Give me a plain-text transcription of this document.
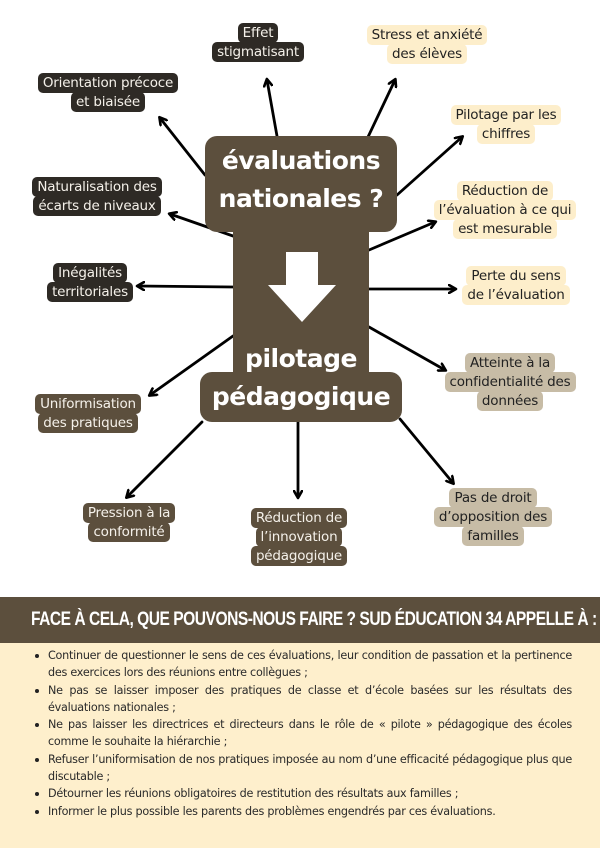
évaluations
nationales ?
pilotage
pédagogique
Effet
stigmatisant
Stress et anxiété
des élèves
Orientation précoce
et biaisée
Pilotage par les
chiffres
Naturalisation des
écarts de niveaux
Réduction de
l’évaluation à ce qui
est mesurable
Inégalités
territoriales
Perte du sens
de l’évaluation
Uniformisation
des pratiques
Atteinte à la
confidentialité des
données
Pression à la
conformité
Réduction de
l’innovation
pédagogique
Pas de droit
d’opposition des
familles
FACE À CELA, QUE POUVONS-NOUS FAIRE ? SUD ÉDUCATION 34 APPELLE À :
Continuer de questionner le sens de ces évaluations, leur condition de passation et la pertinence des exercices lors des réunions entre collègues ;
Ne pas se laisser imposer des pratiques de classe et d’école basées sur les résultats des évaluations nationales ;
Ne pas laisser les directrices et directeurs dans le rôle de « pilote » pédagogique des écoles comme le souhaite la hiérarchie ;
Refuser l’uniformisation de nos pratiques imposée au nom d’une efficacité pédagogique plus que discutable ;
Détourner les réunions obligatoires de restitution des résultats aux familles ;
Informer le plus possible les parents des problèmes engendrés par ces évaluations.
